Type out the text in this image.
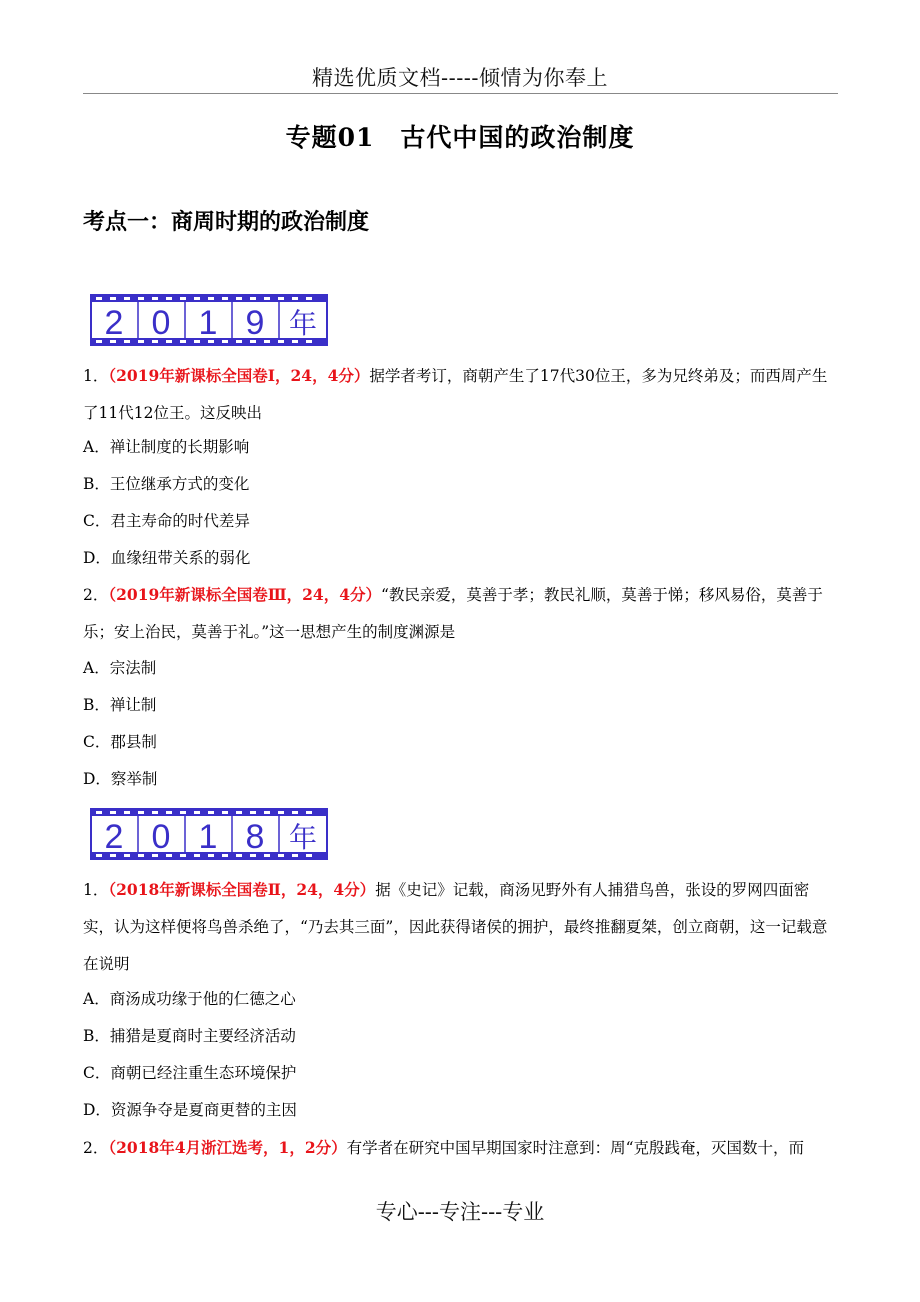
精选优质文档-----倾情为你奉上
专题01　古代中国的政治制度
考点一：商周时期的政治制度
2 0 1 9 年
1．（2019年新课标全国卷Ⅰ，24，4分）据学者考订，商朝产生了17代30位王，多为兄终弟及；而西周产生了11代12位王。这反映出
A．禅让制度的长期影响
B．王位继承方式的变化
C．君主寿命的时代差异
D．血缘纽带关系的弱化
2．（2019年新课标全国卷Ⅲ，24，4分）“教民亲爱，莫善于孝；教民礼顺，莫善于悌；移风易俗，莫善于乐；安上治民，莫善于礼。”这一思想产生的制度渊源是
A．宗法制
B．禅让制
C．郡县制
D．察举制
2 0 1 8 年
1．（2018年新课标全国卷Ⅱ，24，4分）据《史记》记载，商汤见野外有人捕猎鸟兽，张设的罗网四面密实，认为这样便将鸟兽杀绝了，“乃去其三面”，因此获得诸侯的拥护，最终推翻夏桀，创立商朝，这一记载意在说明
A．商汤成功缘于他的仁德之心
B．捕猎是夏商时主要经济活动
C．商朝已经注重生态环境保护
D．资源争夺是夏商更替的主因
2．（2018年4月浙江选考，1，2分）有学者在研究中国早期国家时注意到：周“克殷践奄，灭国数十，而
专心---专注---专业
